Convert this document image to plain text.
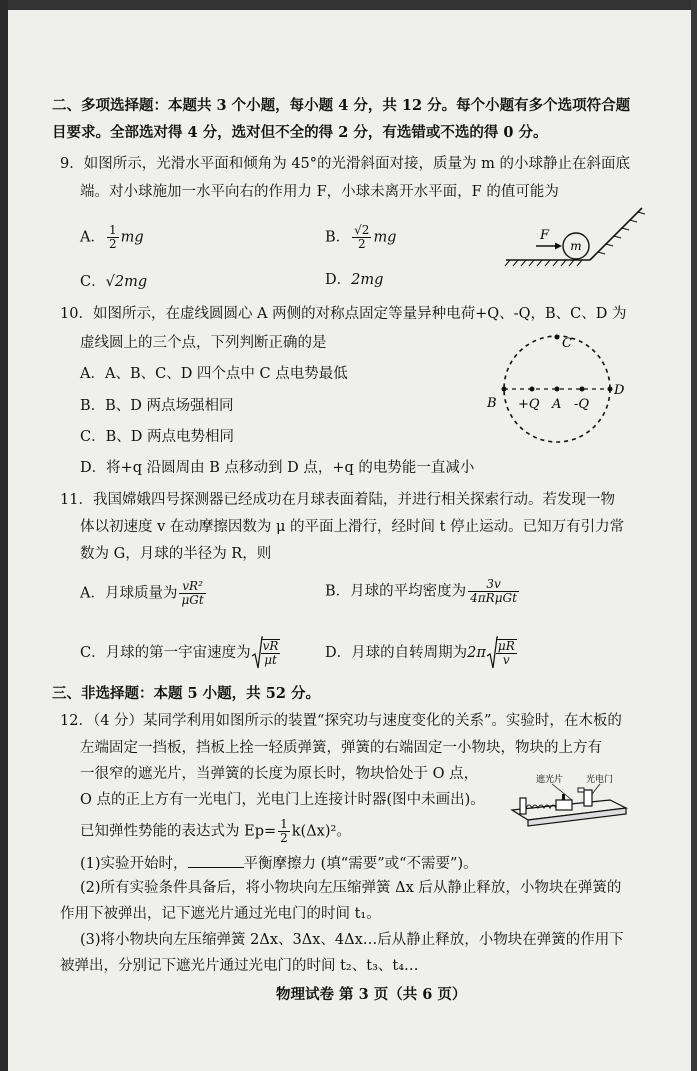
二、多项选择题：本题共 3 个小题，每小题 4 分，共 12 分。每个小题有多个选项符合题
目要求。全部选对得 4 分，选对但不全的得 2 分，有选错或不选的得 0 分。
9．如图所示，光滑水平面和倾角为 45°的光滑斜面对接，质量为 m 的小球静止在斜面底
端。对小球施加一水平向右的作用力 F，小球未离开水平面，F 的值可能为
A． $\frac{1}{2}$ mg	B． $\frac{√2}{2}$ mg
C．√2mg	D．2mg
m
F
10．如图所示，在虚线圆圆心 A 两侧的对称点固定等量异种电荷+Q、-Q，B、C、D 为
虚线圆上的三个点，下列判断正确的是
A．A、B、C、D 四个点中 C 点电势最低
B．B、D 两点场强相同
C．B、D 两点电势相同
D．将+q 沿圆周由 B 点移动到 D 点，+q 的电势能一直减小
C
B
D
+Q A -Q
11．我国嫦娥四号探测器已经成功在月球表面着陆，并进行相关探索行动。若发现一物
体以初速度 v 在动摩擦因数为 μ 的平面上滑行，经时间 t 停止运动。已知万有引力常
数为 G，月球的半径为 R，则
A．月球质量为 $\frac{\text{vR²}}{\text{μGt}}$	B．月球的平均密度为 $\frac{3v}{\text{4πRμGt}}$
C．月球的第一宇宙速度为 $\frac{vR}{\mu t}$	D．月球的自转周期为$2\pi \frac{\mu R}{v}$
三、非选择题：本题 5 小题，共 52 分。
12．（4 分）某同学利用如图所示的装置“探究功与速度变化的关系”。实验时，在木板的
左端固定一挡板，挡板上拴一轻质弹簧，弹簧的右端固定一小物块，物块的上方有
一很窄的遮光片，当弹簧的长度为原长时，物块恰处于 O 点，
O 点的正上方有一光电门，光电门上连接计时器(图中未画出)。
已知弹性势能的表达式为 $Ep= \frac{1}{2} k(\Delta x)^2$。
(1)实验开始时，	平衡摩擦力 (填“需要”或“不需要”)。
(2)所有实验条件具备后，将小物块向左压缩弹簧 Δx 后从静止释放，小物块在弹簧的
作用下被弹出，记下遮光片通过光电门的时间 t₁。
(3)将小物块向左压缩弹簧 2Δx、3Δx、4Δx…后从静止释放，小物块在弹簧的作用下
被弹出，分别记下遮光片通过光电门的时间 t₂、t₃、t₄…
遮光片	光电门
物理试卷 第 3 页（共 6 页）
